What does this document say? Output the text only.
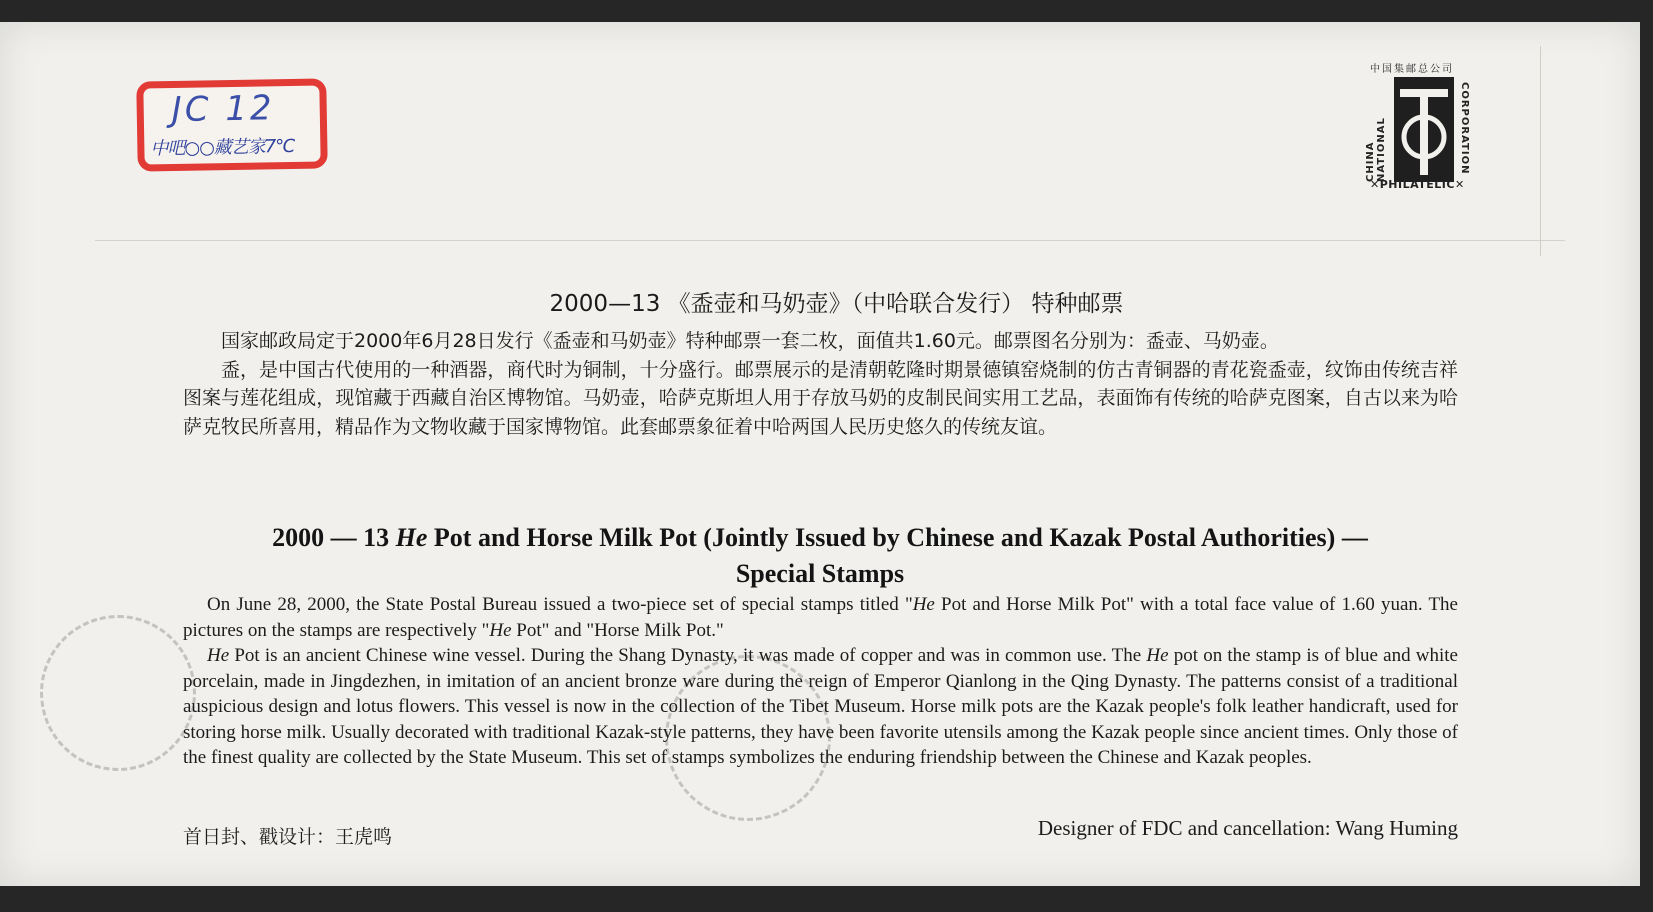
JC 12
中吧○○藏艺家7℃
中国集邮总公司
CHINA NATIONAL	CORPORATION
✕PHILATELIC✕
2000—13 《盉壶和马奶壶》（中哈联合发行） 特种邮票

国家邮政局定于2000年6月28日发行《盉壶和马奶壶》特种邮票一套二枚，面值共1.60元。邮票图名分别为：盉壶、马奶壶。

盉，是中国古代使用的一种酒器，商代时为铜制，十分盛行。邮票展示的是清朝乾隆时期景德镇窑烧制的仿古青铜器的青花瓷盉壶，纹饰由传统吉祥图案与莲花组成，现馆藏于西藏自治区博物馆。马奶壶，哈萨克斯坦人用于存放马奶的皮制民间实用工艺品，表面饰有传统的哈萨克图案，自古以来为哈萨克牧民所喜用，精品作为文物收藏于国家博物馆。此套邮票象征着中哈两国人民历史悠久的传统友谊。

2000 — 13 He Pot and Horse Milk Pot (Jointly Issued by Chinese and Kazak Postal Authorities) —
Special Stamps

On June 28, 2000, the State Postal Bureau issued a two-piece set of special stamps titled "He Pot and Horse Milk Pot" with a total face value of 1.60 yuan. The pictures on the stamps are respectively "He Pot" and "Horse Milk Pot."

He Pot is an ancient Chinese wine vessel. During the Shang Dynasty, it was made of copper and was in common use. The He pot on the stamp is of blue and white porcelain, made in Jingdezhen, in imitation of an ancient bronze ware during the reign of Emperor Qianlong in the Qing Dynasty. The patterns consist of a traditional auspicious design and lotus flowers. This vessel is now in the collection of the Tibet Museum. Horse milk pots are the Kazak people's folk leather handicraft, used for storing horse milk. Usually decorated with traditional Kazak-style patterns, they have been favorite utensils among the Kazak people since ancient times. Only those of the finest quality are collected by the State Museum. This set of stamps symbolizes the enduring friendship between the Chinese and Kazak peoples.

首日封、戳设计：王虎鸣	Designer of FDC and cancellation: Wang Huming
